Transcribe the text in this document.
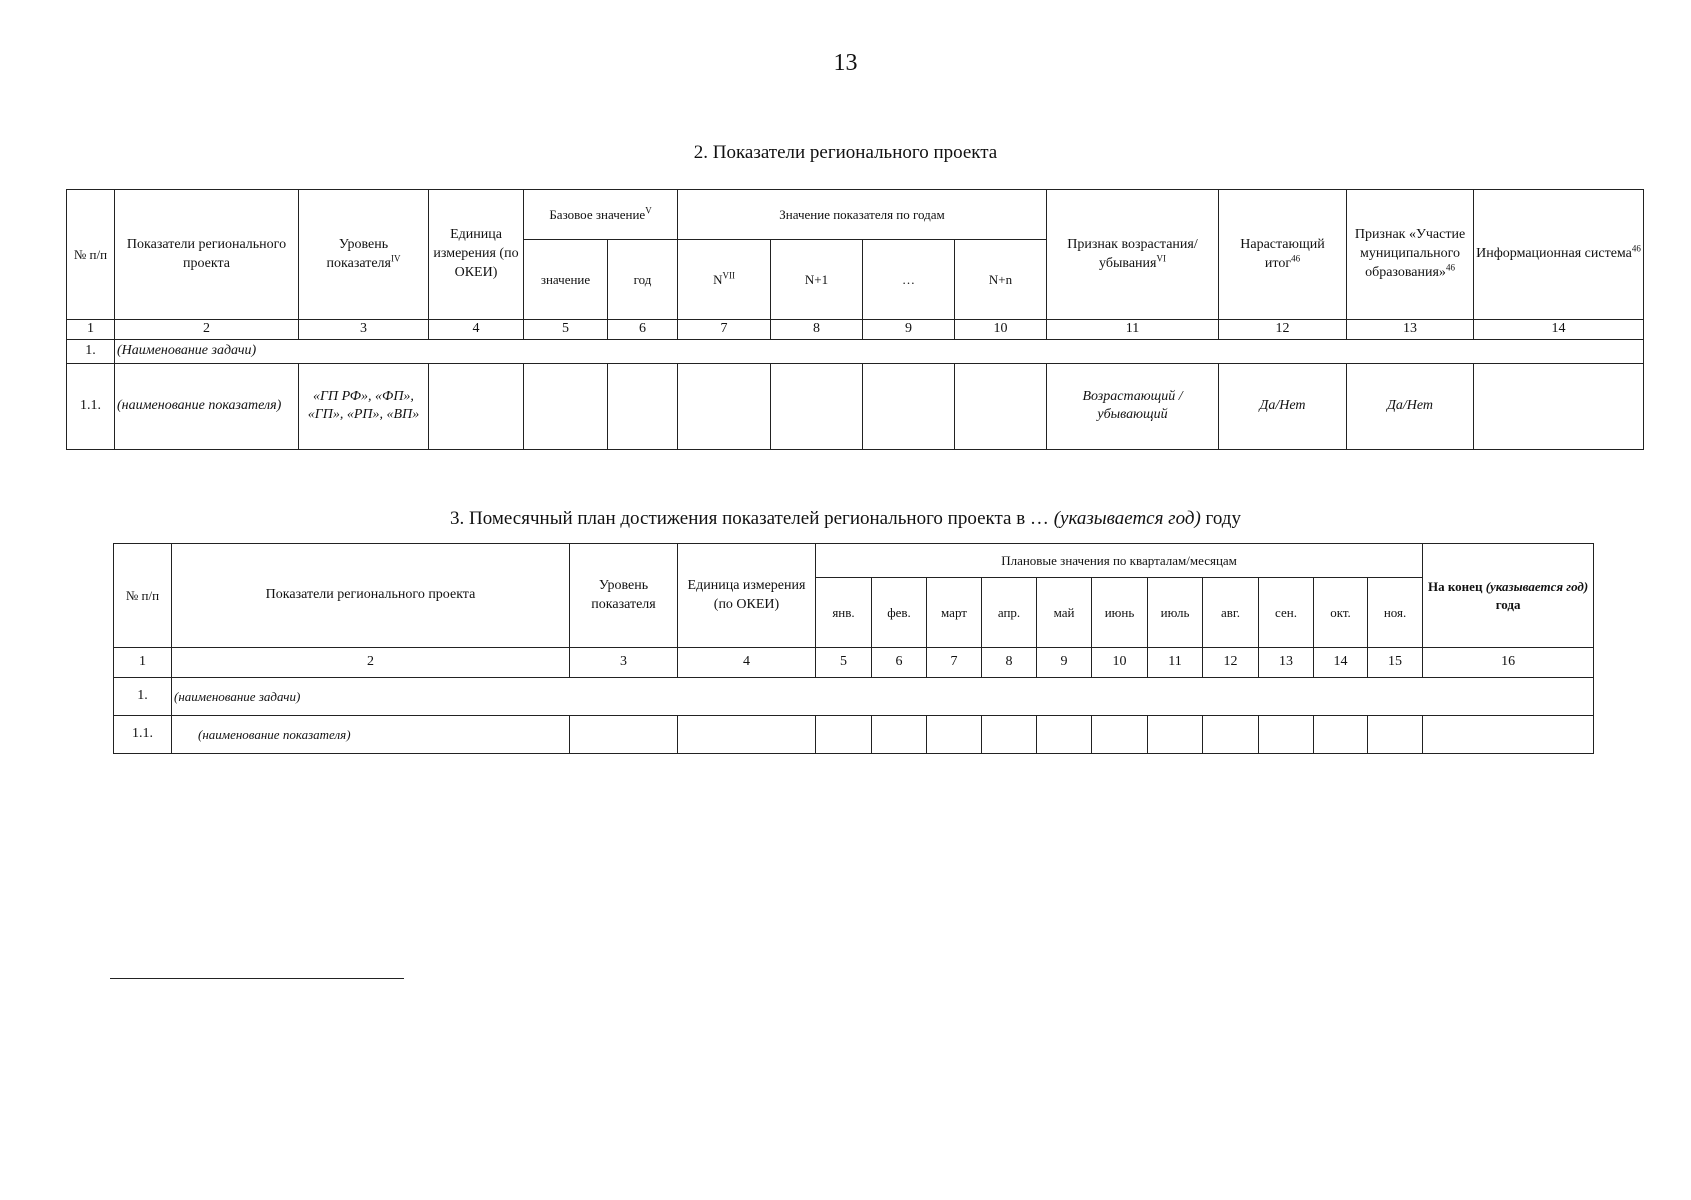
13
2. Показатели регионального проекта
№ п/п	Показатели регионального проекта	Уровень показателя$^{IV}$	Единица измерения (по ОКЕИ)	Базовое значение$^V$		Значение показателя по годам				Признак возрастания/убывания$^{VI}$	Нарастающий итог$^{46}$	Признак «Участие муниципального образования»$^{46}$	Информационная система$^{46}$
				значение	год	$N^{VII}$	N+1	…	N+n				
1	2	3	4	5	6	7	8	9	10	11	12	13	14
1.	(Наименование задачи)												
1.1.	(наименование показателя)	«ГП РФ», «ФП», «ГП», «РП», «ВП»								Возрастающий / убывающий	Да/Нет	Да/Нет	
3. Помесячный план достижения показателей регионального проекта в … (указывается год) году
№ п/п	Показатели регионального проекта	Уровень показателя	Единица измерения (по ОКЕИ)	Плановые значения по кварталам/месяцам											На конец (указывается год) года
				янв.	фев.	март	апр.	май	июнь	июль	авг.	сен.	окт.	ноя.	
1	2	3	4	5	6	7	8	9	10	11	12	13	14	15	16
1.	(наименование задачи)														
1.1.	(наименование показателя)														
